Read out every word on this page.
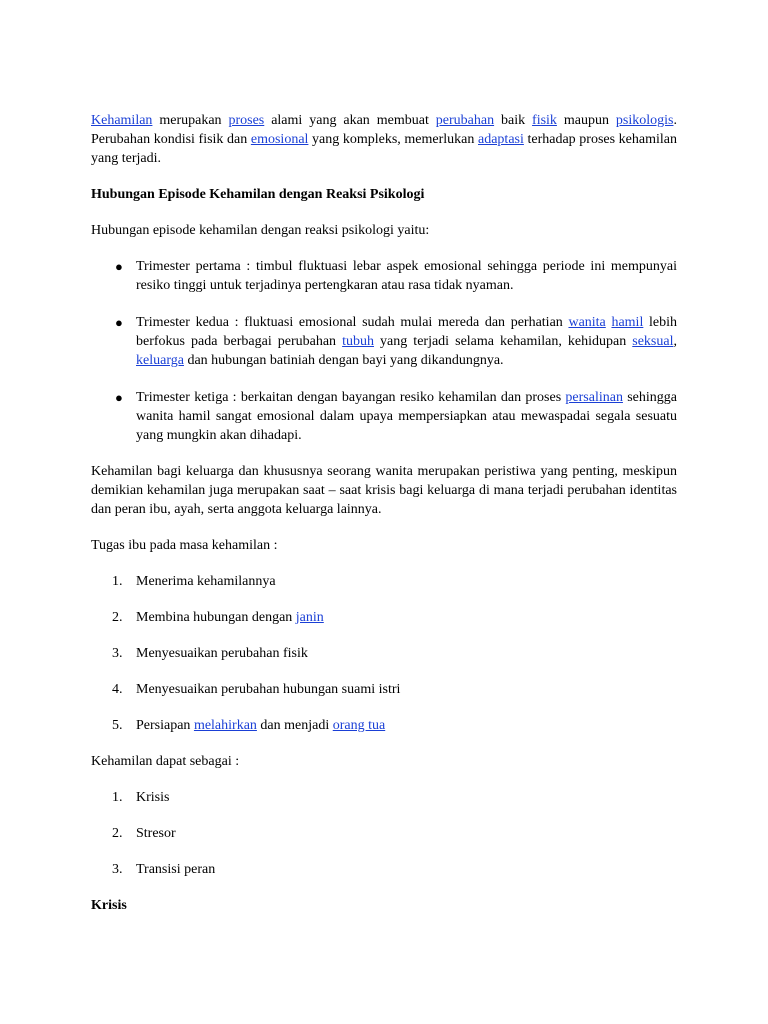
Kehamilan merupakan proses alami yang akan membuat perubahan baik fisik maupun psikologis. Perubahan kondisi fisik dan emosional yang kompleks, memerlukan adaptasi terhadap proses kehamilan yang terjadi.

Hubungan Episode Kehamilan dengan Reaksi Psikologi

Hubungan episode kehamilan dengan reaksi psikologi yaitu:

● Trimester pertama : timbul fluktuasi lebar aspek emosional sehingga periode ini mempunyai resiko tinggi untuk terjadinya pertengkaran atau rasa tidak nyaman.
● Trimester kedua : fluktuasi emosional sudah mulai mereda dan perhatian wanita hamil lebih berfokus pada berbagai perubahan tubuh yang terjadi selama kehamilan, kehidupan seksual, keluarga dan hubungan batiniah dengan bayi yang dikandungnya.
● Trimester ketiga : berkaitan dengan bayangan resiko kehamilan dan proses persalinan sehingga wanita hamil sangat emosional dalam upaya mempersiapkan atau mewaspadai segala sesuatu yang mungkin akan dihadapi.

Kehamilan bagi keluarga dan khususnya seorang wanita merupakan peristiwa yang penting, meskipun demikian kehamilan juga merupakan saat – saat krisis bagi keluarga di mana terjadi perubahan identitas dan peran ibu, ayah, serta anggota keluarga lainnya.

Tugas ibu pada masa kehamilan :

1. Menerima kehamilannya
2. Membina hubungan dengan janin
3. Menyesuaikan perubahan fisik
4. Menyesuaikan perubahan hubungan suami istri
5. Persiapan melahirkan dan menjadi orang tua

Kehamilan dapat sebagai :

1. Krisis
2. Stresor
3. Transisi peran

Krisis
